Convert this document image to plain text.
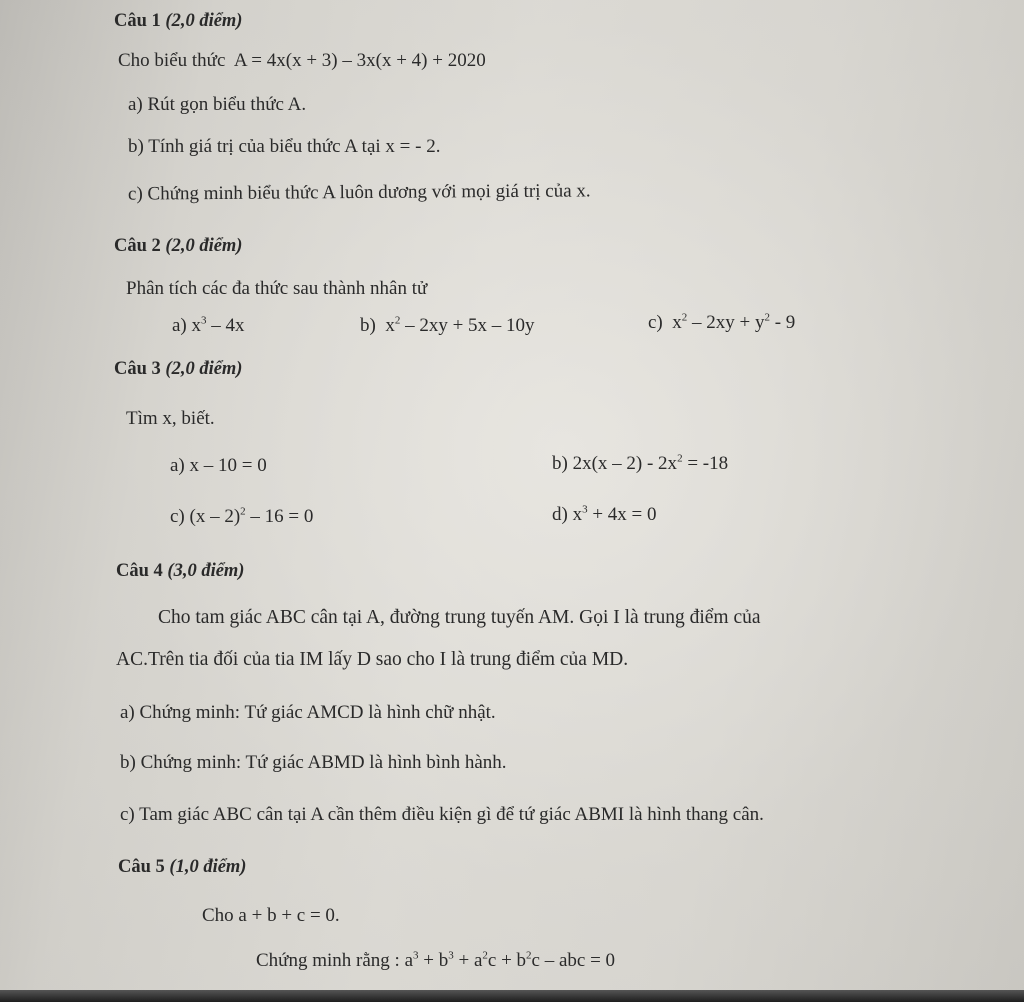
Câu 1 (2,0 điểm)
Cho biểu thức A = 4x(x + 3) – 3x(x + 4) + 2020
a) Rút gọn biểu thức A.
b) Tính giá trị của biểu thức A tại x = - 2.
c) Chứng minh biểu thức A luôn dương với mọi giá trị của x.
Câu 2 (2,0 điểm)
Phân tích các đa thức sau thành nhân tử
a) $x^3 - 4x$	b) $x^2 - 2xy + 5x - 10y$	c) $x^2 - 2xy + y^2 - 9$
Câu 3 (2,0 điểm)
Tìm x, biết.
a) x – 10 = 0	b) $2x(x - 2) - 2x^2 = -18$
c) (x – 2)$^2$ – 16 = 0	d) $x^3 + 4x = 0$
Câu 4 (3,0 điểm)
Cho tam giác ABC cân tại A, đường trung tuyến AM. Gọi I là trung điểm của
AC.Trên tia đối của tia IM lấy D sao cho I là trung điểm của MD.
a) Chứng minh: Tứ giác AMCD là hình chữ nhật.
b) Chứng minh: Tứ giác ABMD là hình bình hành.
c) Tam giác ABC cân tại A cần thêm điều kiện gì để tứ giác ABMI là hình thang cân.
Câu 5 (1,0 điểm)
Cho a + b + c = 0.
Chứng minh rằng : $a^3 + b^3 + a^2c + b^2c$ – abc = 0
